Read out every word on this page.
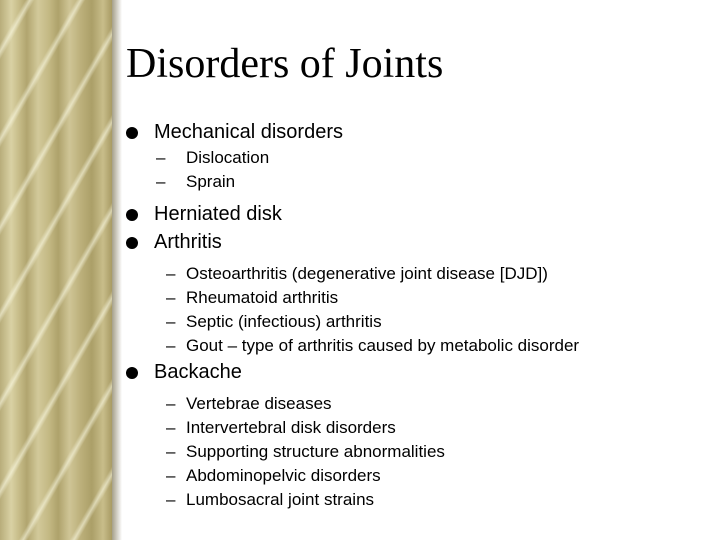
Disorders of Joints
Mechanical disorders
– Dislocation
– Sprain
Herniated disk
Arthritis
– Osteoarthritis (degenerative joint disease [DJD])
– Rheumatoid arthritis
– Septic (infectious) arthritis
– Gout – type of arthritis caused by metabolic disorder
Backache
– Vertebrae diseases
– Intervertebral disk disorders
– Supporting structure abnormalities
– Abdominopelvic disorders
– Lumbosacral joint strains
